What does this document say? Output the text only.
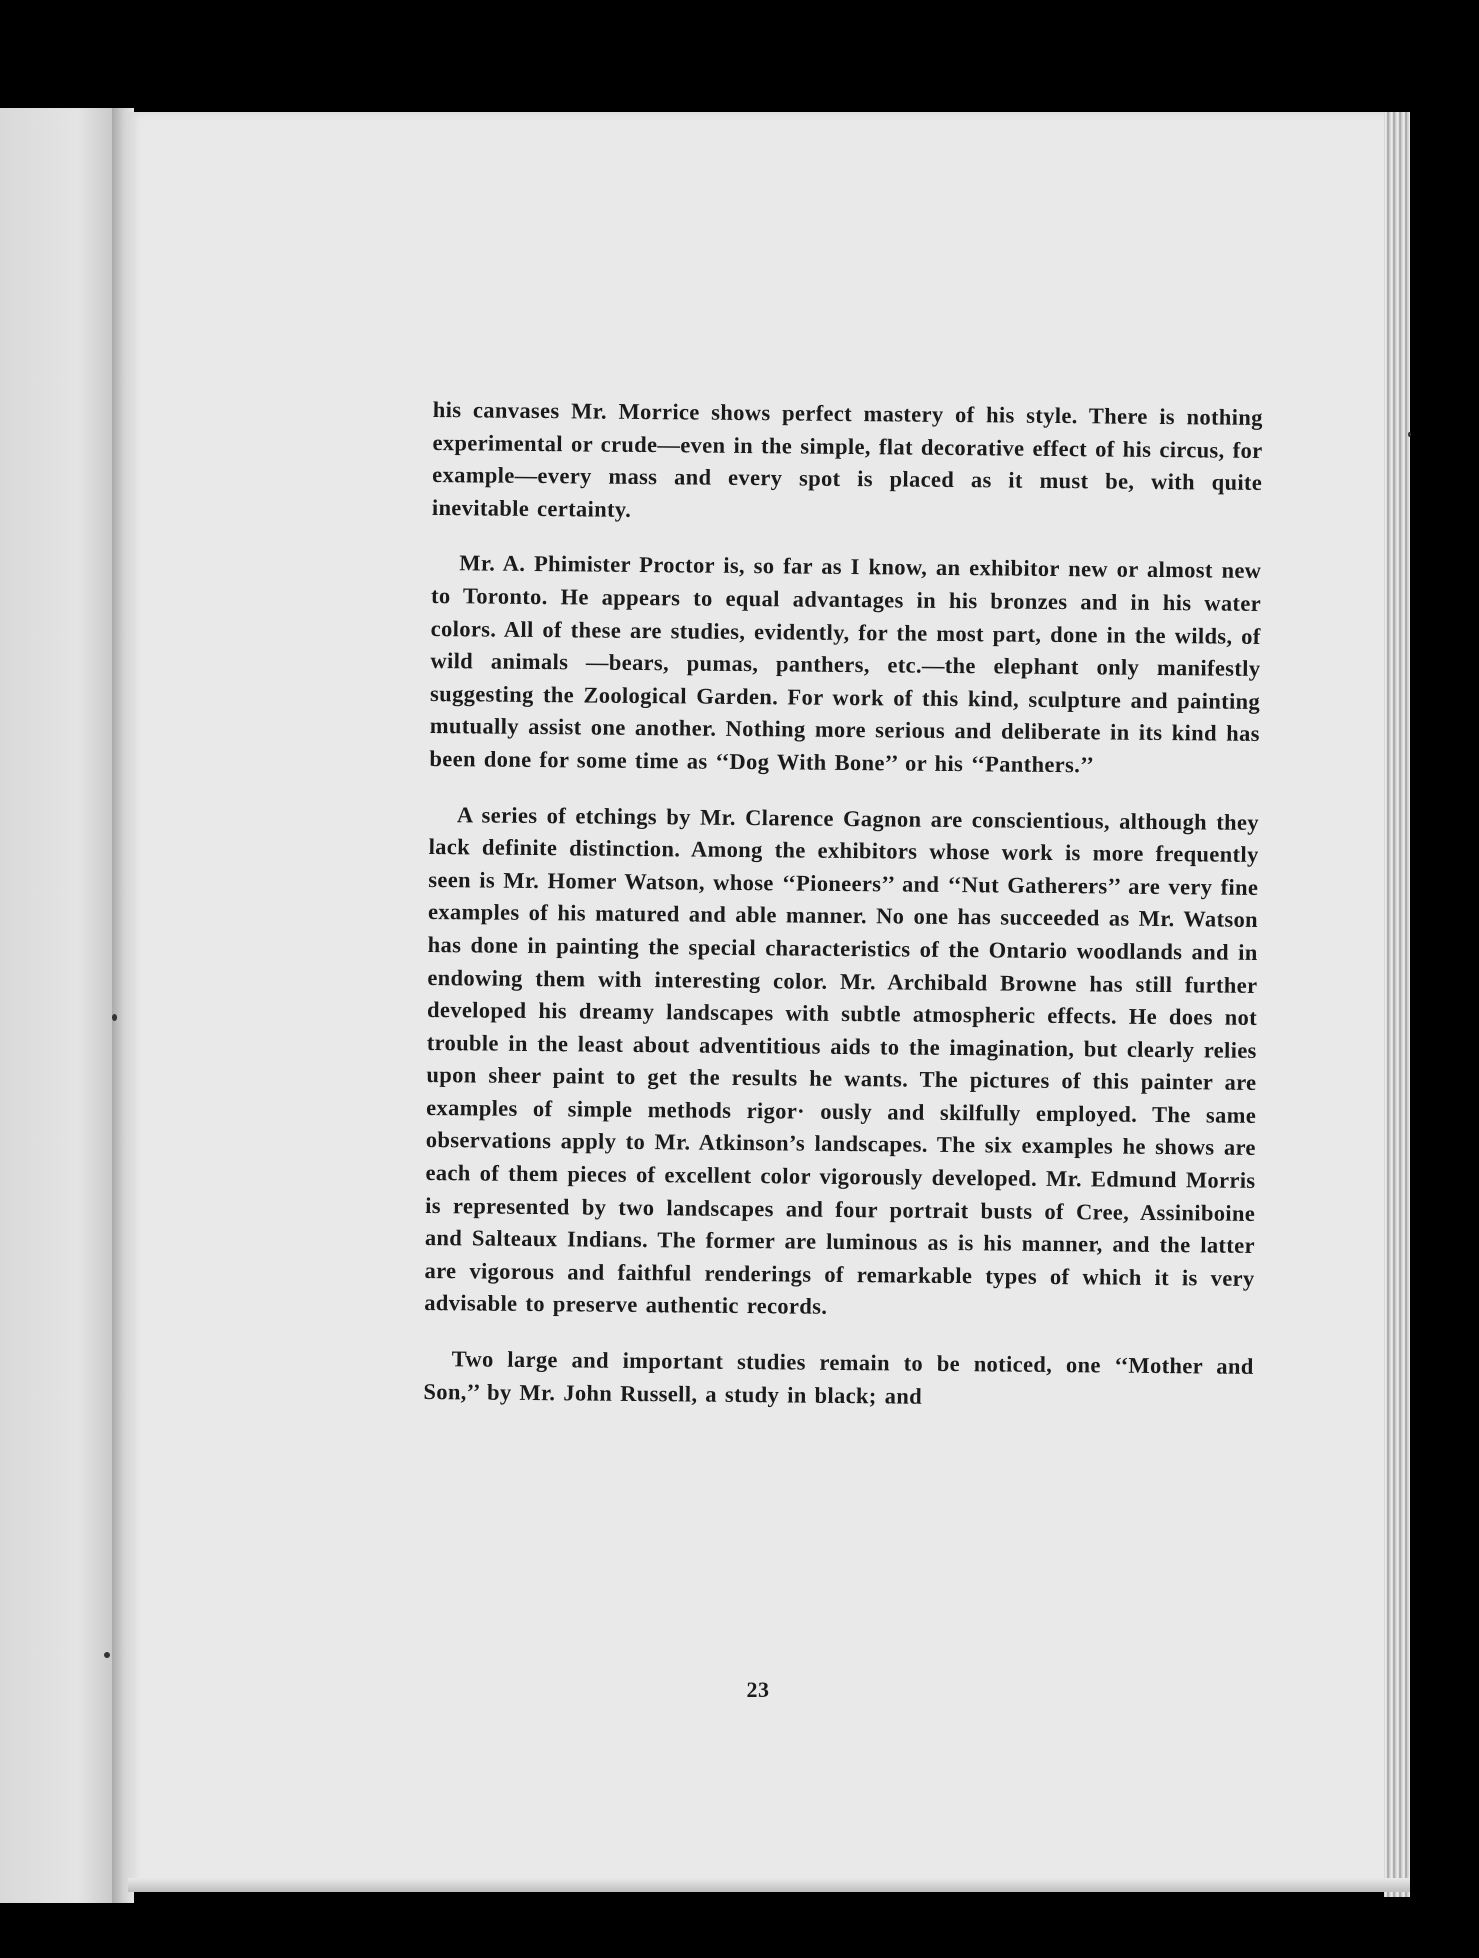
his canvases Mr. Morrice shows perfect mastery of his style. There is nothing experimental or crude—even in the simple, flat decorative effect of his circus, for example—every mass and every spot is placed as it must be, with quite inevitable certainty.

Mr. A. Phimister Proctor is, so far as I know, an exhibitor new or almost new to Toronto. He appears to equal advantages in his bronzes and in his water colors. All of these are studies, evidently, for the most part, done in the wilds, of wild animals —bears, pumas, panthers, etc.—the elephant only manifestly suggesting the Zoological Garden. For work of this kind, sculpture and painting mutually assist one another. Nothing more serious and deliberate in its kind has been done for some time as ‘‘Dog With Bone’’ or his ‘‘Panthers.’’

A series of etchings by Mr. Clarence Gagnon are conscientious, although they lack definite distinction. Among the exhibitors whose work is more frequently seen is Mr. Homer Watson, whose ‘‘Pioneers’’ and ‘‘Nut Gatherers’’ are very fine examples of his matured and able manner. No one has succeeded as Mr. Watson has done in painting the special characteristics of the Ontario woodlands and in endowing them with interesting color. Mr. Archibald Browne has still further developed his dreamy landscapes with subtle atmospheric effects. He does not trouble in the least about adventitious aids to the imagination, but clearly relies upon sheer paint to get the results he wants. The pictures of this painter are examples of simple methods rigor· ously and skilfully employed. The same observations apply to Mr. Atkinson’s landscapes. The six examples he shows are each of them pieces of excellent color vigorously developed. Mr. Edmund Morris is represented by two landscapes and four portrait busts of Cree, Assiniboine and Salteaux Indians. The former are luminous as is his manner, and the latter are vigorous and faithful renderings of remarkable types of which it is very advisable to preserve authentic records.

Two large and important studies remain to be noticed, one ‘‘Mother and Son,’’ by Mr. John Russell, a study in black; and

23
